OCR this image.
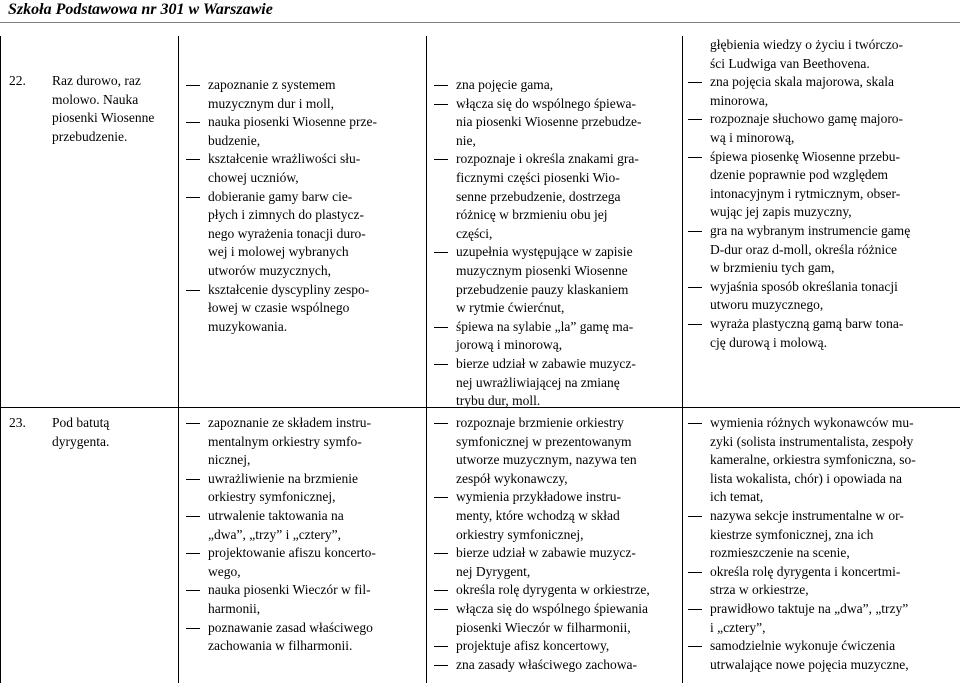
Szkoła Podstawowa nr 301 w Warszawie
22. Raz durowo, raz
molowo. Nauka
piosenki Wiosenne
przebudzenie.
zapoznanie z systemem
muzycznym dur i moll,
nauka piosenki Wiosenne prze-
budzenie,
kształcenie wrażliwości słu-
chowej uczniów,
dobieranie gamy barw cie-
płych i zimnych do plastycz-
nego wyrażenia tonacji duro-
wej i molowej wybranych
utworów muzycznych,
kształcenie dyscypliny zespo-
łowej w czasie wspólnego
muzykowania.
zna pojęcie gama,
włącza się do wspólnego śpiewa-
nia piosenki Wiosenne przebudze-
nie,
rozpoznaje i określa znakami gra-
ficznymi części piosenki Wio-
senne przebudzenie, dostrzega
różnicę w brzmieniu obu jej
części,
uzupełnia występujące w zapisie
muzycznym piosenki Wiosenne
przebudzenie pauzy klaskaniem
w rytmie ćwierćnut,
śpiewa na sylabie „la” gamę ma-
jorową i minorową,
bierze udział w zabawie muzycz-
nej uwrażliwiającej na zmianę
trybu dur, moll.
głębienia wiedzy o życiu i twórczo-
ści Ludwiga van Beethovena.
zna pojęcia skala majorowa, skala
minorowa,
rozpoznaje słuchowo gamę majoro-
wą i minorową,
śpiewa piosenkę Wiosenne przebu-
dzenie poprawnie pod względem
intonacyjnym i rytmicznym, obser-
wując jej zapis muzyczny,
gra na wybranym instrumencie gamę
D-dur oraz d-moll, określa różnice
w brzmieniu tych gam,
wyjaśnia sposób określania tonacji
utworu muzycznego,
wyraża plastyczną gamą barw tona-
cję durową i molową.
23. Pod batutą
dyrygenta.
zapoznanie ze składem instru-
mentalnym orkiestry symfo-
nicznej,
uwrażliwienie na brzmienie
orkiestry symfonicznej,
utrwalenie taktowania na
„dwa”, „trzy” i „cztery”,
projektowanie afiszu koncerto-
wego,
nauka piosenki Wieczór w fil-
harmonii,
poznawanie zasad właściwego
zachowania w filharmonii.
rozpoznaje brzmienie orkiestry
symfonicznej w prezentowanym
utworze muzycznym, nazywa ten
zespół wykonawczy,
wymienia przykładowe instru-
menty, które wchodzą w skład
orkiestry symfonicznej,
bierze udział w zabawie muzycz-
nej Dyrygent,
określa rolę dyrygenta w orkiestrze,
włącza się do wspólnego śpiewania
piosenki Wieczór w filharmonii,
projektuje afisz koncertowy,
zna zasady właściwego zachowa-
wymienia różnych wykonawców mu-
zyki (solista instrumentalista, zespoły
kameralne, orkiestra symfoniczna, so-
lista wokalista, chór) i opowiada na
ich temat,
nazywa sekcje instrumentalne w or-
kiestrze symfonicznej, zna ich
rozmieszczenie na scenie,
określa rolę dyrygenta i koncertmi-
strza w orkiestrze,
prawidłowo taktuje na „dwa”, „trzy”
i „cztery”,
samodzielnie wykonuje ćwiczenia
utrwalające nowe pojęcia muzyczne,
